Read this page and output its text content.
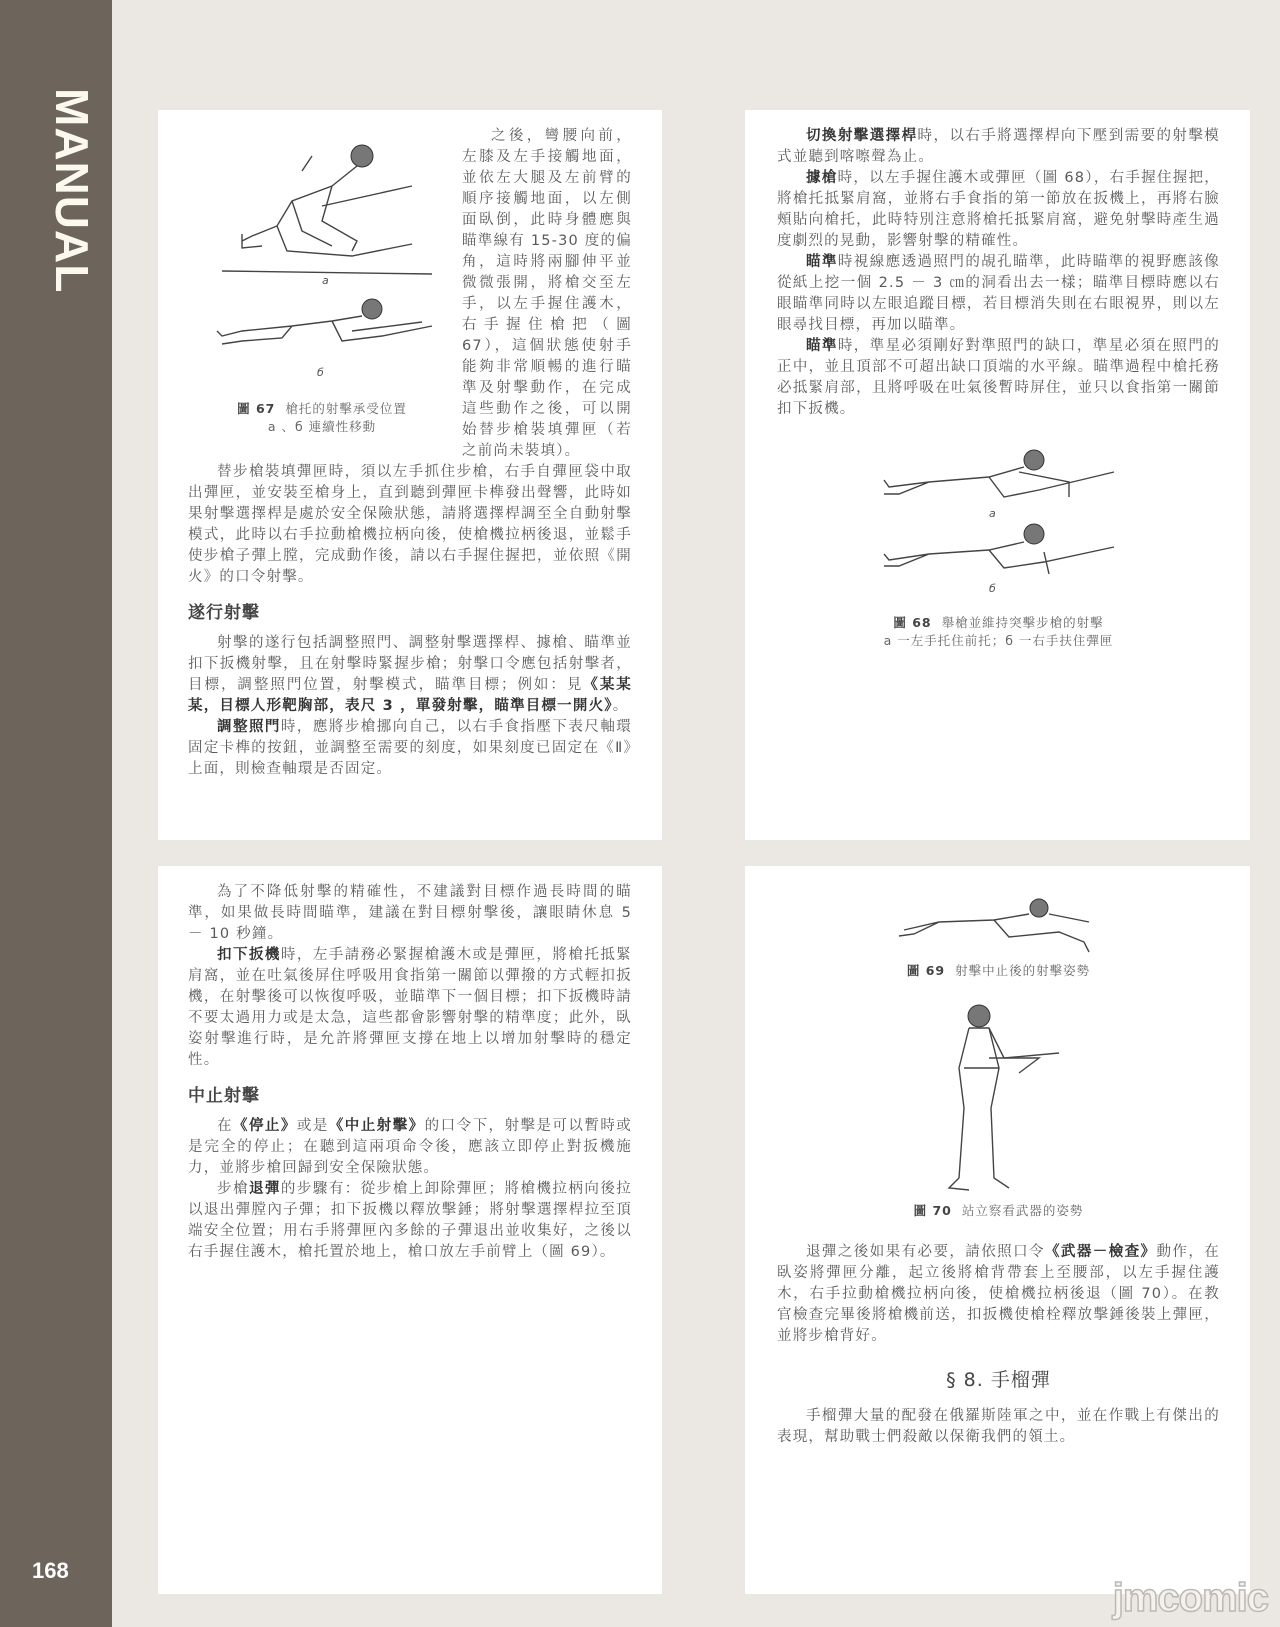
MANUAL
168
a
б
圖 67 槍托的射擊承受位置
a 、б 連續性移動

之後，彎腰向前，左膝及左手接觸地面，並依左大腿及左前臂的順序接觸地面，以左側面臥倒，此時身體應與瞄準線有 15-30 度的偏角，這時將兩腳伸平並微微張開，將槍交至左手，以左手握住護木，右手握住槍把（圖 67），這個狀態使射手能夠非常順暢的進行瞄準及射擊動作，在完成這些動作之後，可以開始替步槍裝填彈匣（若之前尚未裝填）。

替步槍裝填彈匣時，須以左手抓住步槍，右手自彈匣袋中取出彈匣，並安裝至槍身上，直到聽到彈匣卡榫發出聲響，此時如果射擊選擇桿是處於安全保險狀態，請將選擇桿調至全自動射擊模式，此時以右手拉動槍機拉柄向後，使槍機拉柄後退，並鬆手使步槍子彈上膛，完成動作後，請以右手握住握把，並依照《開火》的口令射擊。

遂行射擊

射擊的遂行包括調整照門、調整射擊選擇桿、據槍、瞄準並扣下扳機射擊，且在射擊時緊握步槍；射擊口令應包括射擊者，目標，調整照門位置，射擊模式，瞄準目標；例如：見《某某某，目標人形靶胸部，表尺 3 ，單發射擊，瞄準目標一開火》。

調整照門時，應將步槍挪向自己，以右手食指壓下表尺軸環固定卡榫的按鈕，並調整至需要的刻度，如果刻度已固定在《Ⅱ》上面，則檢查軸環是否固定。

切換射擊選擇桿時，以右手將選擇桿向下壓到需要的射擊模式並聽到喀嚓聲為止。

據槍時，以左手握住護木或彈匣（圖 68），右手握住握把，將槍托抵緊肩窩，並將右手食指的第一節放在扳機上，再將右臉頰貼向槍托，此時特別注意將槍托抵緊肩窩，避免射擊時產生過度劇烈的晃動，影響射擊的精確性。

瞄準時視線應透過照門的覘孔瞄準，此時瞄準的視野應該像從紙上挖一個 2.5 － 3 ㎝的洞看出去一樣；瞄準目標時應以右眼瞄準同時以左眼追蹤目標，若目標消失則在右眼視界，則以左眼尋找目標，再加以瞄準。

瞄準時，準星必須剛好對準照門的缺口，準星必須在照門的正中，並且頂部不可超出缺口頂端的水平線。瞄準過程中槍托務必抵緊肩部，且將呼吸在吐氣後暫時屏住，並只以食指第一關節扣下扳機。

a
б
圖 68 舉槍並維持突擊步槍的射擊
a 一左手托住前托；б 一右手扶住彈匣

為了不降低射擊的精確性，不建議對目標作過長時間的瞄準，如果做長時間瞄準，建議在對目標射擊後，讓眼睛休息 5 － 10 秒鐘。

扣下扳機時，左手請務必緊握槍護木或是彈匣，將槍托抵緊肩窩，並在吐氣後屏住呼吸用食指第一關節以彈撥的方式輕扣扳機，在射擊後可以恢復呼吸，並瞄準下一個目標；扣下扳機時請不要太過用力或是太急，這些都會影響射擊的精準度；此外，臥姿射擊進行時，是允許將彈匣支撐在地上以增加射擊時的穩定性。

中止射擊

在《停止》或是《中止射擊》的口令下，射擊是可以暫時或是完全的停止；在聽到這兩項命令後，應該立即停止對扳機施力，並將步槍回歸到安全保險狀態。

步槍退彈的步驟有：從步槍上卸除彈匣；將槍機拉柄向後拉以退出彈膛內子彈；扣下扳機以釋放擊錘；將射擊選擇桿拉至頂端安全位置；用右手將彈匣內多餘的子彈退出並收集好，之後以右手握住護木，槍托置於地上，槍口放左手前臂上（圖 69）。

圖 69 射擊中止後的射擊姿勢
圖 70 站立察看武器的姿勢

退彈之後如果有必要，請依照口令《武器－檢查》動作，在臥姿將彈匣分離，起立後將槍背帶套上至腰部，以左手握住護木，右手拉動槍機拉柄向後，使槍機拉柄後退（圖 70）。在教官檢查完畢後將槍機前送，扣扳機使槍栓釋放擊錘後裝上彈匣，並將步槍背好。

§ 8. 手榴彈

手榴彈大量的配發在俄羅斯陸軍之中，並在作戰上有傑出的表現，幫助戰士們殺敵以保衛我們的領土。

jmcomic
